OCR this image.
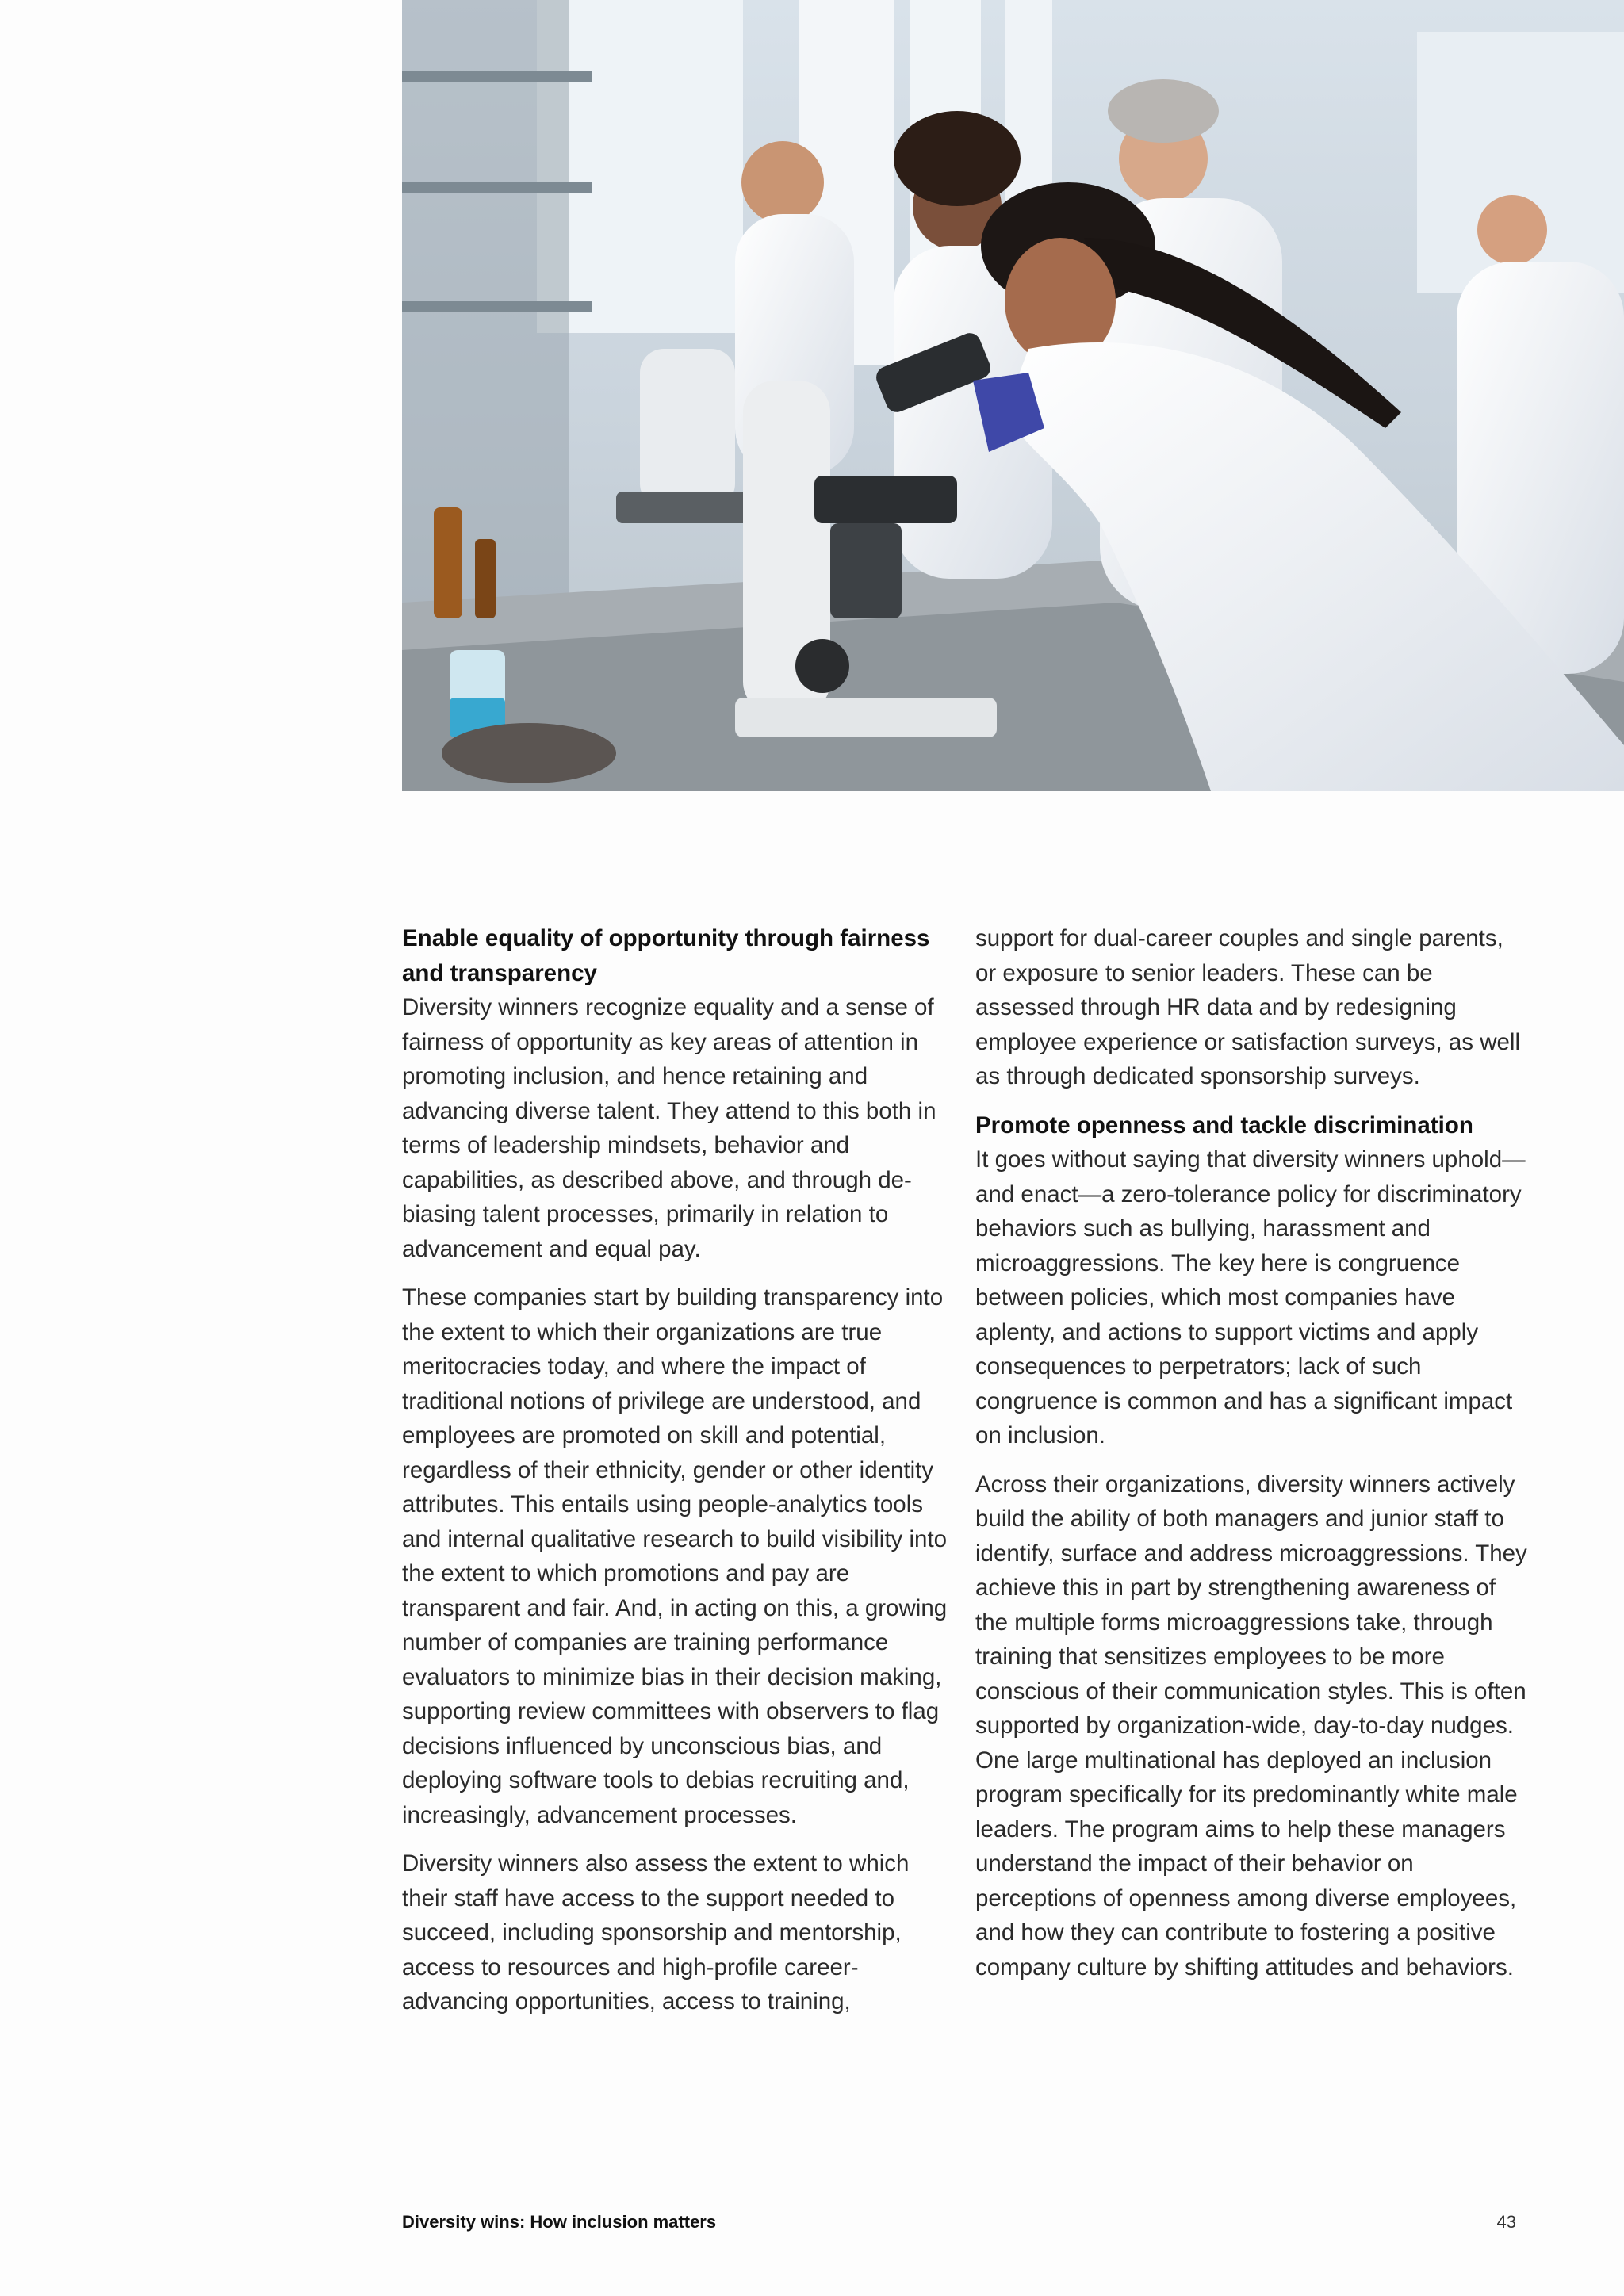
Enable equality of opportunity through fairness and transparency

Diversity winners recognize equality and a sense of fairness of opportunity as key areas of attention in promoting inclusion, and hence retaining and advancing diverse talent. They attend to this both in terms of leadership mindsets, behavior and capabilities, as described above, and through de-biasing talent processes, primarily in relation to advancement and equal pay.

These companies start by building transparency into the extent to which their organizations are true meritocracies today, and where the impact of traditional notions of privilege are understood, and employees are promoted on skill and potential, regardless of their ethnicity, gender or other identity attributes. This entails using people-analytics tools and internal qualitative research to build visibility into the extent to which promotions and pay are transparent and fair. And, in acting on this, a growing number of companies are training performance evaluators to minimize bias in their decision making, supporting review committees with observers to flag decisions influenced by unconscious bias, and deploying software tools to debias recruiting and, increasingly, advancement processes.

Diversity winners also assess the extent to which their staff have access to the support needed to succeed, including sponsorship and mentorship, access to resources and high-profile career-advancing opportunities, access to training,

support for dual-career couples and single parents, or exposure to senior leaders. These can be assessed through HR data and by redesigning employee experience or satisfaction surveys, as well as through dedicated sponsorship surveys.

Promote openness and tackle discrimination

It goes without saying that diversity winners uphold—and enact—a zero-tolerance policy for discriminatory behaviors such as bullying, harassment and microaggressions. The key here is congruence between policies, which most companies have aplenty, and actions to support victims and apply consequences to perpetrators; lack of such congruence is common and has a significant impact on inclusion.

Across their organizations, diversity winners actively build the ability of both managers and junior staff to identify, surface and address microaggressions. They achieve this in part by strengthening awareness of the multiple forms microaggressions take, through training that sensitizes employees to be more conscious of their communication styles. This is often supported by organization-wide, day-to-day nudges.

One large multinational has deployed an inclusion program specifically for its predominantly white male leaders. The program aims to help these managers understand the impact of their behavior on perceptions of openness among diverse employees, and how they can contribute to fostering a positive company culture by shifting attitudes and behaviors.

Diversity wins: How inclusion matters	43
